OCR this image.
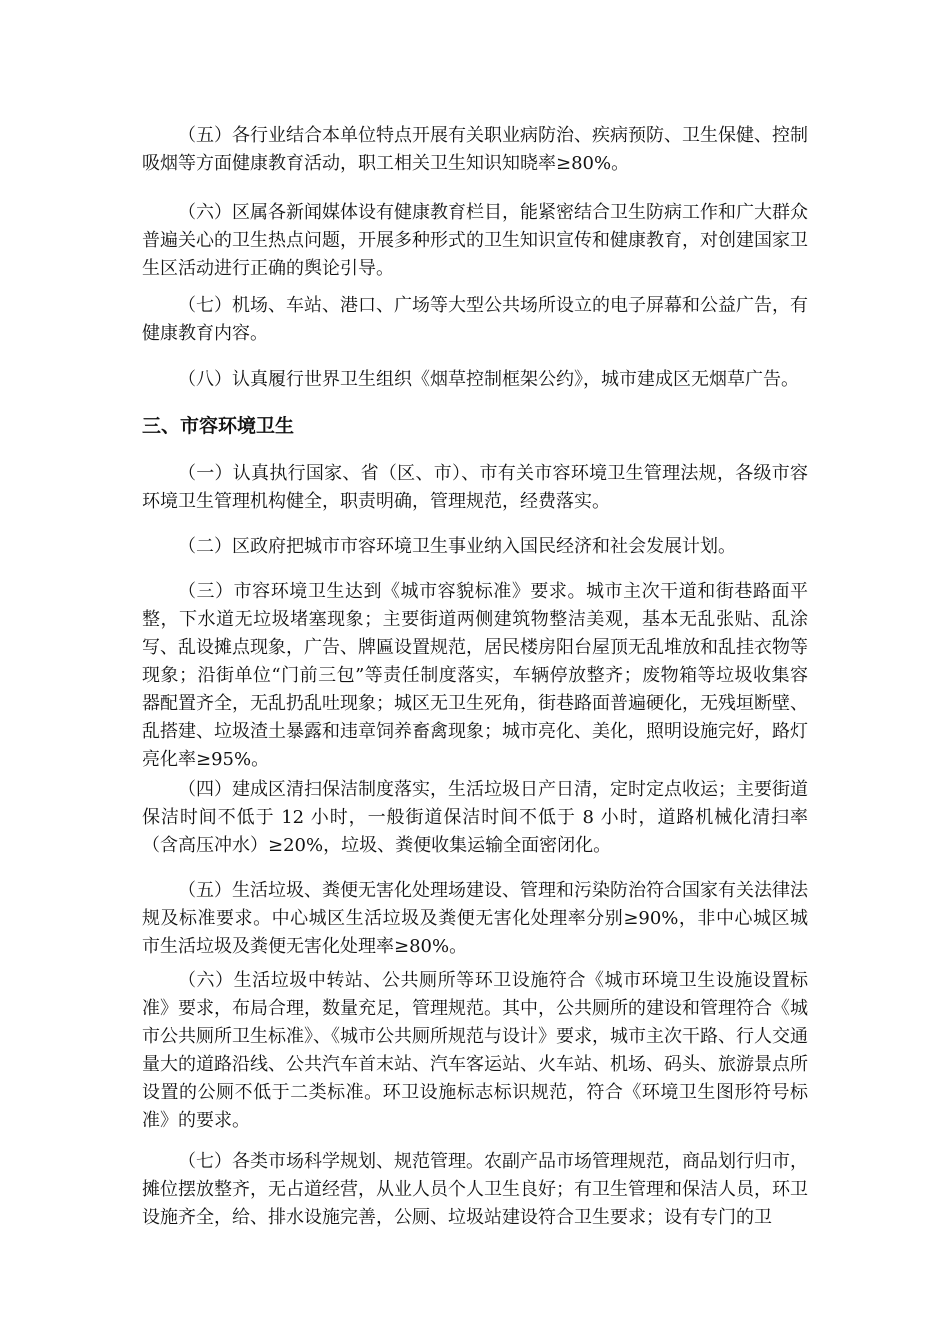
（五）各行业结合本单位特点开展有关职业病防治、疾病预防、卫生保健、控制吸烟等方面健康教育活动，职工相关卫生知识知晓率≥80%。

（六）区属各新闻媒体设有健康教育栏目，能紧密结合卫生防病工作和广大群众普遍关心的卫生热点问题，开展多种形式的卫生知识宣传和健康教育，对创建国家卫生区活动进行正确的舆论引导。

（七）机场、车站、港口、广场等大型公共场所设立的电子屏幕和公益广告，有健康教育内容。

（八）认真履行世界卫生组织《烟草控制框架公约》，城市建成区无烟草广告。

三、市容环境卫生

（一）认真执行国家、省（区、市）、市有关市容环境卫生管理法规，各级市容环境卫生管理机构健全，职责明确，管理规范，经费落实。

（二）区政府把城市市容环境卫生事业纳入国民经济和社会发展计划。

（三）市容环境卫生达到《城市容貌标准》要求。城市主次干道和街巷路面平整，下水道无垃圾堵塞现象；主要街道两侧建筑物整洁美观，基本无乱张贴、乱涂写、乱设摊点现象，广告、牌匾设置规范，居民楼房阳台屋顶无乱堆放和乱挂衣物等现象；沿街单位“门前三包”等责任制度落实，车辆停放整齐；废物箱等垃圾收集容器配置齐全，无乱扔乱吐现象；城区无卫生死角，街巷路面普遍硬化，无残垣断壁、乱搭建、垃圾渣土暴露和违章饲养畜禽现象；城市亮化、美化，照明设施完好，路灯亮化率≥95%。

（四）建成区清扫保洁制度落实，生活垃圾日产日清，定时定点收运；主要街道保洁时间不低于 12 小时，一般街道保洁时间不低于 8 小时，道路机械化清扫率（含高压冲水）≥20%，垃圾、粪便收集运输全面密闭化。

（五）生活垃圾、粪便无害化处理场建设、管理和污染防治符合国家有关法律法规及标准要求。中心城区生活垃圾及粪便无害化处理率分别≥90%，非中心城区城市生活垃圾及粪便无害化处理率≥80%。

（六）生活垃圾中转站、公共厕所等环卫设施符合《城市环境卫生设施设置标准》要求，布局合理，数量充足，管理规范。其中，公共厕所的建设和管理符合《城市公共厕所卫生标准》、《城市公共厕所规范与设计》要求，城市主次干路、行人交通量大的道路沿线、公共汽车首末站、汽车客运站、火车站、机场、码头、旅游景点所设置的公厕不低于二类标准。环卫设施标志标识规范，符合《环境卫生图形符号标准》的要求。

（七）各类市场科学规划、规范管理。农副产品市场管理规范，商品划行归市，摊位摆放整齐，无占道经营，从业人员个人卫生良好；有卫生管理和保洁人员，环卫设施齐全，给、排水设施完善，公厕、垃圾站建设符合卫生要求；设有专门的卫
